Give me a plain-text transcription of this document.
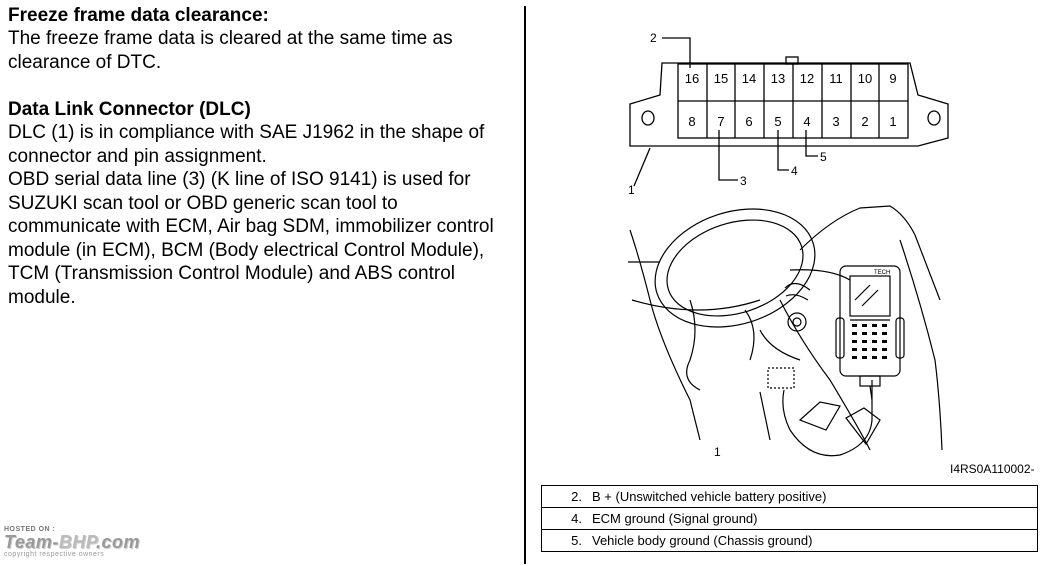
Freeze frame data clearance:

The freeze frame data is cleared at the same time as clearance of DTC.

Data Link Connector (DLC)

DLC (1) is in compliance with SAE J1962 in the shape of connector and pin assignment.

OBD serial data line (3) (K line of ISO 9141) is used for SUZUKI scan tool or OBD generic scan tool to communicate with ECM, Air bag SDM, immobilizer control module (in ECM), BCM (Body electrical Control Module), TCM (Transmission Control Module) and ABS control module.

16 15 14 13 12 11 10 9
8 7 6 5 4 3 2 1
2
3
4
5
1
TECH
1
I4RS0A110002-
2. B + (Unswitched vehicle battery positive)
4. ECM ground (Signal ground)
5. Vehicle body ground (Chassis ground)
HOSTED ON :
Team-BHP.com
copyright respective owners
